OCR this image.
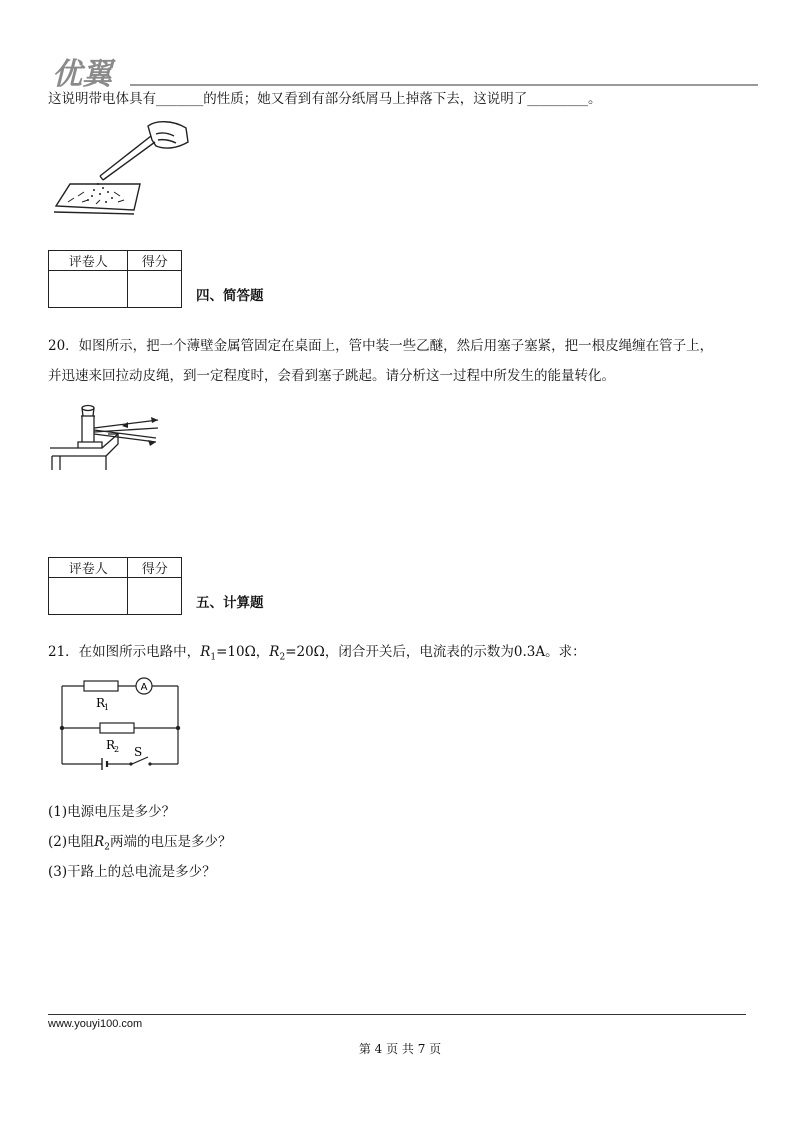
优翼
这说明带电体具有_______的性质；她又看到有部分纸屑马上掉落下去，这说明了_________。
评卷人	得分

四、简答题
20．如图所示，把一个薄壁金属管固定在桌面上，管中装一些乙醚，然后用塞子塞紧，把一根皮绳缠在管子上，
并迅速来回拉动皮绳，到一定程度时，会看到塞子跳起。请分析这一过程中所发生的能量转化。
评卷人	得分

五、计算题
21．在如图所示电路中，$R_1=10\Omega$，$R_2=20\Omega$，闭合开关后，电流表的示数为0.3A。求：
A
R
1
R
2 S
(1)电源电压是多少？
(2)电阻$R_2$两端的电压是多少？
(3)干路上的总电流是多少？
www.youyi100.com
第 4 页 共 7 页
